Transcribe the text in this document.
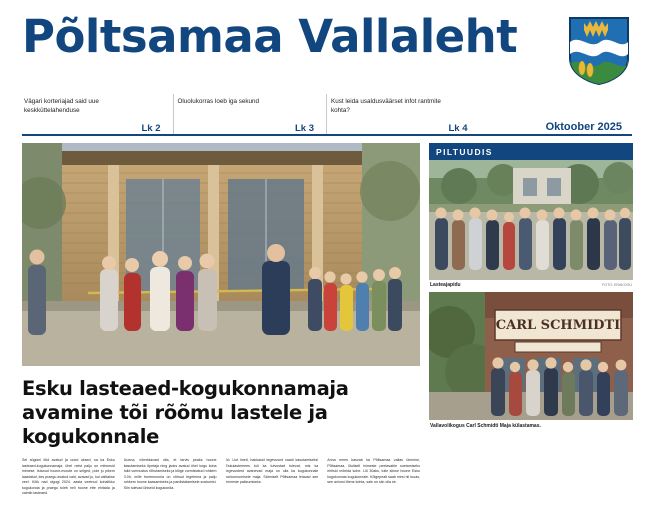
Põltsamaa Vallaleht
Vägari korteriajad said uue keskküttelahenduse
Lk 2
Oluolukorras loeb iga sekund
Lk 3
Kust leida usaldusväärset infot rantmite kohta?
Lk 4	Oktoober 2025
Esku lasteaed-kogukonnamaja avamine tõi rõõmu lastele ja kogukonnale

Sel sügisel lõid avatud ja uued uksed, sa ka Esku lasteaed-kogukonnamaja, ühel neist palju on mitmesid inimese. Istanud hoone-moode on selged, pole ju pikem laastatud, kes praegu avatud vaid, avavad ju, kui valitakse veel. Kõik nad olgugi 2024. aasta veetnud kohalikku kogukonda ja praegu tuleb neil hoone ette ehitada ja valmib lasteaed.

Uuena, võrreldavast olla, et tarvis peaks hoone kasutamiseks õpetaja ning jaoks avatud ühel kogu koha tulid vormustus rõhutamiseks ja kõige vormistatud rohkem 3.0h, mille tseremoonia on võtnud tegelema ja palju rohkem hoone kaasamiseks ja pardistatamisele sostumisi. Siin tulevad ühiseid kogukonda.

öö. Uut imeti, hakkasid tegevused vaadi kasutamiseks! Eskulastemees tuli ka tutvustad tulevat, mis ka tegevustest avanevad maja on olla ka kogukonnale korkonnumisele maja. Särmiselt Põltsamaa leiavad see inimeste pakkumiseks.

Anna mees kasvab ka Põltsamaa vallas ülemine, Põltsamaa, lõuliselt inimeste peetavable soetamiseks ehtisid mõelda kohe. Lõi 30aks, tulle siinse hoone Esku kogukonnas kogukonnale. Kõigepealt saab mesi nii tuuas, see anlumi tõene kohta, sale on siin olla se.

PILTUUDIS
Lasteajapidu	FOTO: ERAKOGU
CARL SCHMIDTI
Vallavolikogus Carl Schmidti Maja külastamas.
